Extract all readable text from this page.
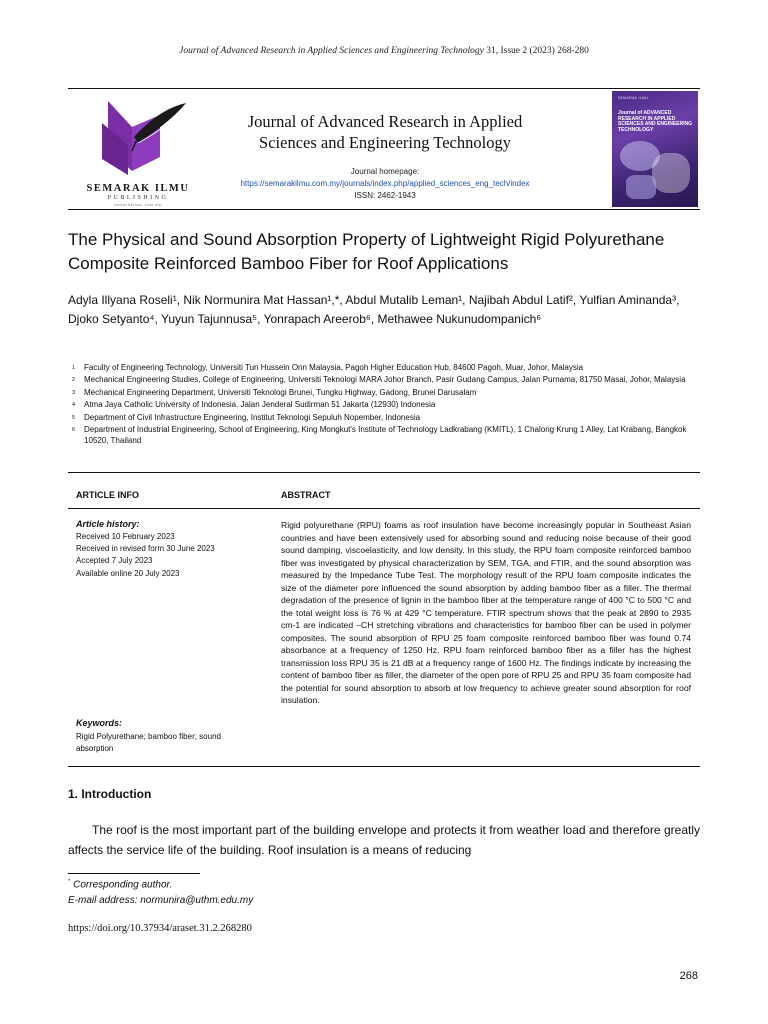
Journal of Advanced Research in Applied Sciences and Engineering Technology 31, Issue 2 (2023) 268-280
SEMARAK ILMU
PUBLISHING
semarakilmu.com.my
Journal of Advanced Research in Applied Sciences and Engineering Technology
Journal homepage:
https://semarakilmu.com.my/journals/index.php/applied_sciences_eng_tech/index
ISSN: 2462-1943
SEMARAK ILMU
Journal of ADVANCED RESEARCH IN APPLIED SCIENCES AND ENGINEERING TECHNOLOGY
The Physical and Sound Absorption Property of Lightweight Rigid Polyurethane Composite Reinforced Bamboo Fiber for Roof Applications
Adyla Illyana Roseli¹, Nik Normunira Mat Hassan¹,*, Abdul Mutalib Leman¹, Najibah Abdul Latif², Yulfian Aminanda³, Djoko Setyanto⁴, Yuyun Tajunnusa⁵, Yonrapach Areerob⁶, Methawee Nukunudompanich⁶
1	Faculty of Engineering Technology, Universiti Tun Hussein Onn Malaysia, Pagoh Higher Education Hub, 84600 Pagoh, Muar, Johor, Malaysia
2	Mechanical Engineering Studies, College of Engineering, Universiti Teknologi MARA Johor Branch, Pasir Gudang Campus, Jalan Purnama, 81750 Masai, Johor, Malaysia
3	Mechanical Engineering Department, Universiti Teknologi Brunei, Tungku Highway, Gadong, Brunei Darusalam
4	Atma Jaya Catholic University of Indonesia. Jalan Jenderal Sudirman 51 Jakarta (12930) Indonesia
5	Department of Civil Infrastructure Engineering, Institut Teknologi Sepuluh Nopember, Indonesia
6	Department of Industrial Engineering, School of Engineering, King Mongkut's Institute of Technology Ladkrabang (KMITL), 1 Chalong Krung 1 Alley, Lat Krabang, Bangkok 10520, Thailand
ARTICLE INFO	ABSTRACT
Article history:
Received 10 February 2023
Received in revised form 30 June 2023
Accepted 7 July 2023
Available online 20 July 2023
Keywords:
Rigid Polyurethane; bamboo fiber; sound absorption
Rigid polyurethane (RPU) foams as roof insulation have become increasingly popular in Southeast Asian countries and have been extensively used for absorbing sound and reducing noise because of their good sound damping, viscoelasticity, and low density. In this study, the RPU foam composite reinforced bamboo fiber was investigated by physical characterization by SEM, TGA, and FTIR, and the sound absorption was measured by the Impedance Tube Test. The morphology result of the RPU foam composite indicates the size of the diameter pore influenced the sound absorption by adding bamboo fiber as a filler. The thermal degradation of the presence of lignin in the bamboo fiber at the temperature range of 400 °C to 500 °C and the total weight loss is 76 % at 429 °C temperature. FTIR spectrum shows that the peak at 2890 to 2935 cm-1 are indicated –CH stretching vibrations and characteristics for bamboo fiber can be used in polymer composites. The sound absorption of RPU 25 foam composite reinforced bamboo fiber was found 0.74 absorbance at a frequency of 1250 Hz. RPU foam reinforced bamboo fiber as a filler has the highest transmission loss RPU 35 is 21 dB at a frequency range of 1600 Hz. The findings indicate by increasing the content of bamboo fiber as filler, the diameter of the open pore of RPU 25 and RPU 35 foam composite had the potential for sound absorption to absorb at low frequency to achieve greater sound absorption for roof insulation.
1. Introduction
The roof is the most important part of the building envelope and protects it from weather load and therefore greatly affects the service life of the building. Roof insulation is a means of reducing
* Corresponding author.
E-mail address: normunira@uthm.edu.my
https://doi.org/10.37934/araset.31.2.268280
268
